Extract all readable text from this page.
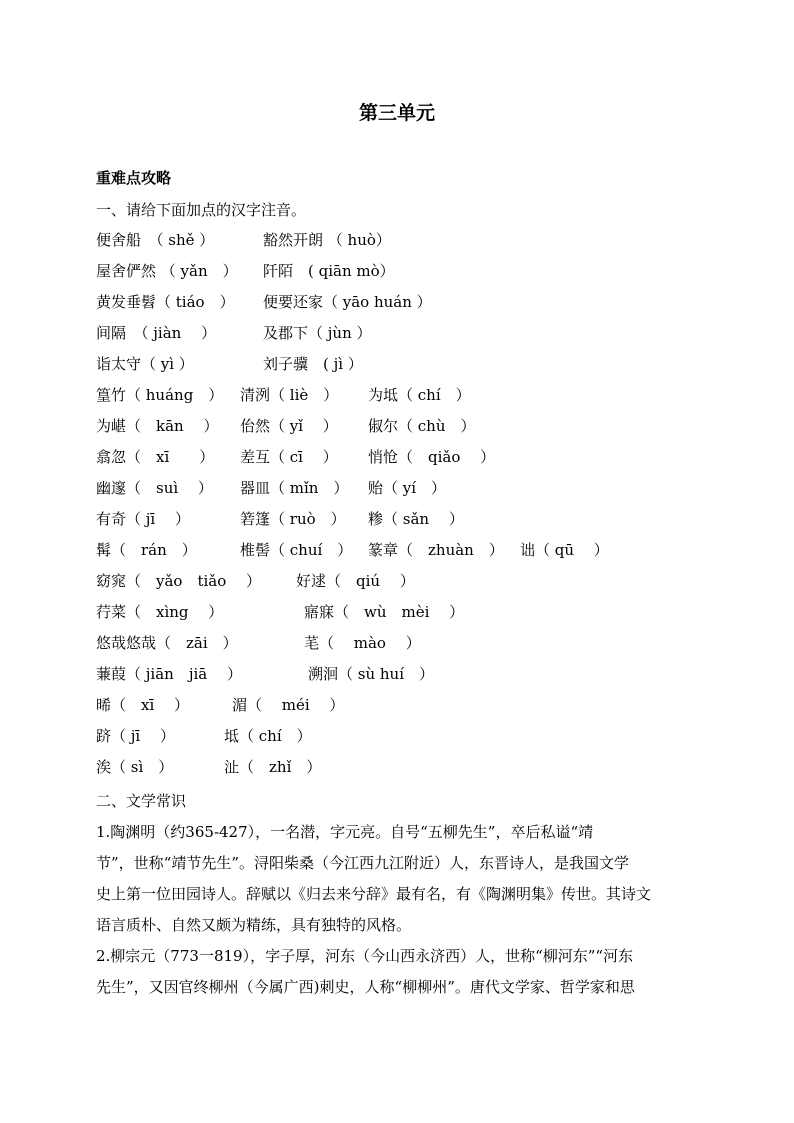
第三单元
重难点攻略
一、请给下面加点的汉字注音。
便舍船　（ shě ）	豁然开朗 （ huò）
屋舍俨然 （ yǎn　） 阡陌　( qiān mò）
黄发垂髫（ tiáo　） 便要还家（ yāo huán ）
间隔　（ jiàn　 ）	及郡下（ jùn ）
诣太守（ yì ）	刘子骥　( jì ）
篁竹（ huáng　） 清洌（ liè　） 为坻（ chí　）
为嵁（　kān　 ） 佁然（ yǐ　 ） 俶尔（ chù　）
翕忽（　xī　　） 差互（ cī　 ） 悄怆（　qiǎo　 ）
幽邃（　suì　 ） 器皿（ mǐn　） 贻（ yí　）
有奇（ jī　 ）	箬篷（ ruò　） 糁（ sǎn　 ）
髯（　rán　）	椎髻（ chuí　） 篆章（　zhuàn　） 诎（ qū　 ）
窈窕（　yǎo　tiǎo　 ） 好逑（　qiú　 ）
荇菜（　xìng　 ）	寤寐（　wù　mèi　 ）
悠哉悠哉（　zāi　）	芼（　 mào　 ）
蒹葭（ jiān　jiā　 ）	溯洄（ sù huí　）
晞（　xī　 ）	湄（　 méi　 ）
跻（ jī　 ）	坻（ chí　）
涘（ sì　）	沚（　zhǐ　）
二、文学常识
1.陶渊明（约365-427），一名潜，字元亮。自号“五柳先生”，卒后私谥“靖
节”，世称“靖节先生”。浔阳柴桑（今江西九江附近）人，东晋诗人，是我国文学
史上第一位田园诗人。辞赋以《归去来兮辞》最有名，有《陶渊明集》传世。其诗文
语言质朴、自然又颇为精练，具有独特的风格。
2.柳宗元（773一819），字子厚，河东（今山西永济西）人，世称“柳河东”“河东
先生”，又因官终柳州（今属广西)刺史，人称“柳柳州”。唐代文学家、哲学家和思
